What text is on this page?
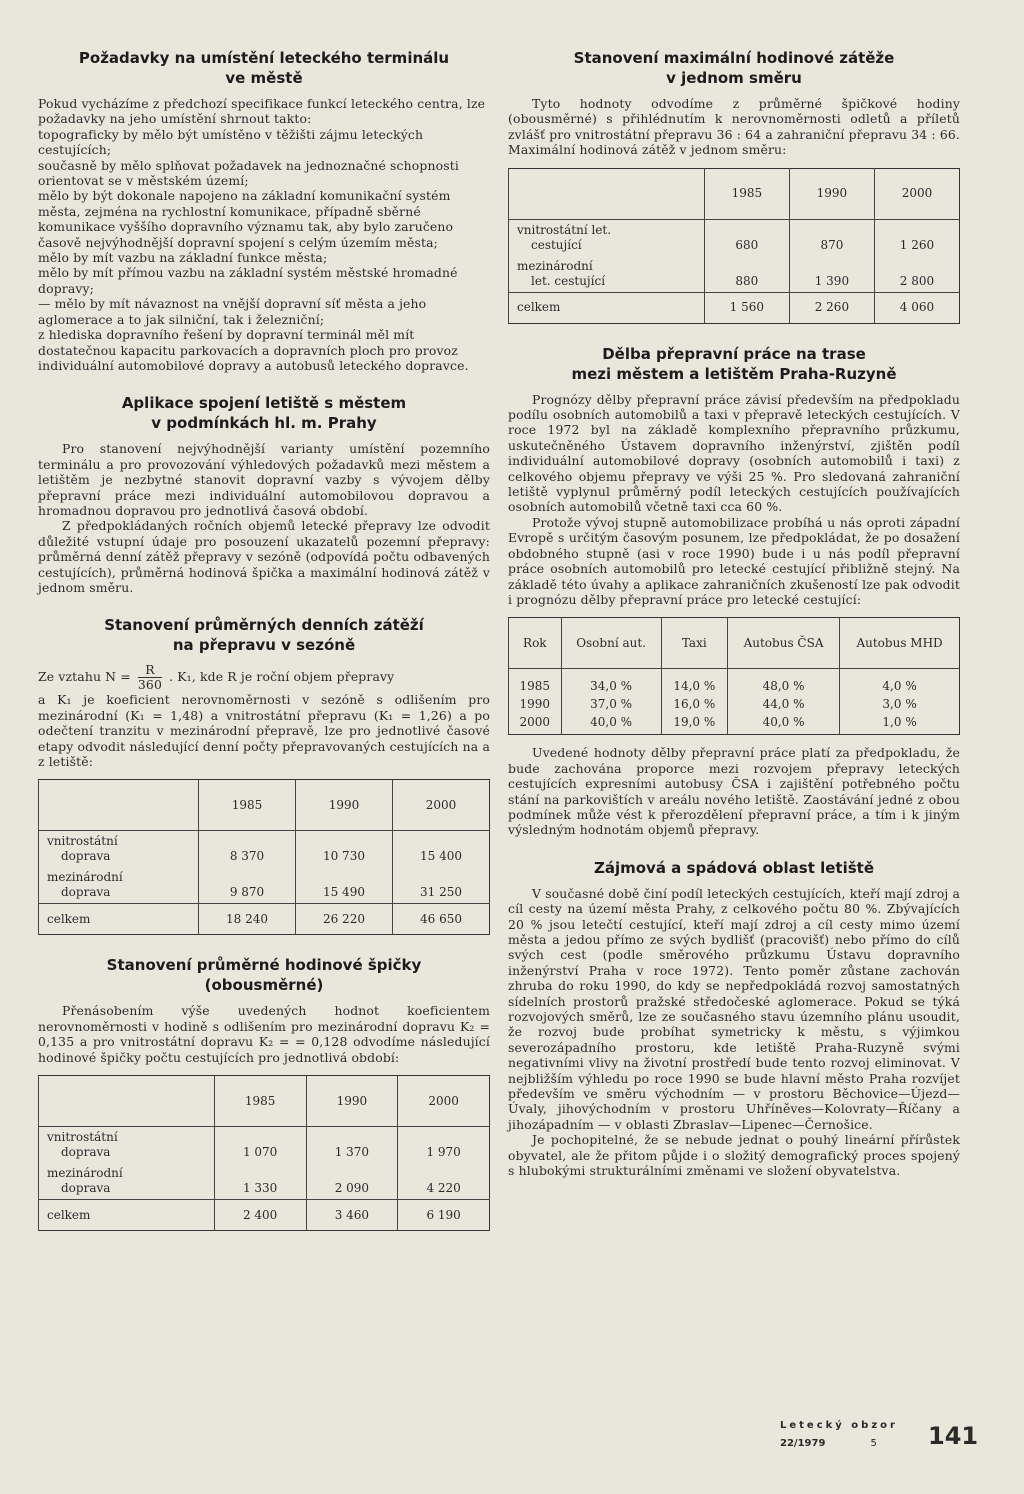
Požadavky na umístění leteckého terminálu
ve městě

Pokud vycházíme z předchozí specifikace funkcí leteckého centra, lze požadavky na jeho umístění shrnout takto:

topograficky by mělo být umístěno v těžišti zájmu leteckých cestujících;

současně by mělo splňovat požadavek na jednoznačné schopnosti orientovat se v městském území;

mělo by být dokonale napojeno na základní komunikační systém města, zejména na rychlostní komunikace, případně sběrné komunikace vyššího dopravního významu tak, aby bylo zaručeno časově nejvýhodnější dopravní spojení s celým územím města;

mělo by mít vazbu na základní funkce města;

mělo by mít přímou vazbu na základní systém městské hromadné dopravy;

— mělo by mít návaznost na vnější dopravní síť města a jeho aglomerace a to jak silniční, tak i železniční;

z hlediska dopravního řešení by dopravní terminál měl mít dostatečnou kapacitu parkovacích a dopravních ploch pro provoz individuální automobilové dopravy a autobusů leteckého dopravce.

Aplikace spojení letiště s městem
v podmínkách hl. m. Prahy

Pro stanovení nejvýhodnější varianty umístění pozemního terminálu a pro provozování výhledových požadavků mezi městem a letištěm je nezbytné stanovit dopravní vazby s vývojem dělby přepravní práce mezi individuální automobilovou dopravou a hromadnou dopravou pro jednotlivá časová období.

Z předpokládaných ročních objemů letecké přepravy lze odvodit důležité vstupní údaje pro posouzení ukazatelů pozemní přepravy: průměrná denní zátěž přepravy v sezóně (odpovídá počtu odbavených cestujících), průměrná hodinová špička a maximální hodinová zátěž v jednom směru.

Stanovení průměrných denních zátěží
na přepravu v sezóně

Ze vztahu $N = \frac{R}{360}$ . K₁, kde R je roční objem přepravy

a K₁ je koeficient nerovnoměrnosti v sezóně s odlišením pro mezinárodní (K₁ = 1,48) a vnitrostátní přepravu (K₁ = 1,26) a po odečtení tranzitu v mezinárodní přepravě, lze pro jednotlivé časové etapy odvodit následující denní počty přepravovaných cestujících na a z letiště:

	1985	1990	2000
vnitrostátní
doprava	8 370	10 730	15 400
mezinárodní
doprava	9 870	15 490	31 250
celkem	18 240	26 220	46 650
Stanovení průměrné hodinové špičky
(obousměrné)

Přenásobením výše uvedených hodnot koeficientem nerovnoměrnosti v hodině s odlišením pro mezinárodní dopravu K₂ = 0,135 a pro vnitrostátní dopravu K₂ = = 0,128 odvodíme následující hodinové špičky počtu cestujících pro jednotlivá období:

	1985	1990	2000
vnitrostátní
doprava	1 070	1 370	1 970
mezinárodní
doprava	1 330	2 090	4 220
celkem	2 400	3 460	6 190
Stanovení maximální hodinové zátěže
v jednom směru

Tyto hodnoty odvodíme z průměrné špičkové hodiny (obousměrné) s přihlédnutím k nerovnoměrnosti odletů a příletů zvlášť pro vnitrostátní přepravu 36 : 64 a zahraniční přepravu 34 : 66. Maximální hodinová zátěž v jednom směru:

	1985	1990	2000
vnitrostátní let.
cestující	680	870	1 260
mezinárodní
let. cestující	880	1 390	2 800
celkem	1 560	2 260	4 060
Dělba přepravní práce na trase
mezi městem a letištěm Praha-Ruzyně

Prognózy dělby přepravní práce závisí především na předpokladu podílu osobních automobilů a taxi v přepravě leteckých cestujících. V roce 1972 byl na základě komplexního přepravního průzkumu, uskutečněného Ústavem dopravního inženýrství, zjištěn podíl individuální automobilové dopravy (osobních automobilů i taxi) z celkového objemu přepravy ve výši 25 %. Pro sledovaná zahraniční letiště vyplynul průměrný podíl leteckých cestujících používajících osobních automobilů včetně taxi cca 60 %.

Protože vývoj stupně automobilizace probíhá u nás oproti západní Evropě s určitým časovým posunem, lze předpokládat, že po dosažení obdobného stupně (asi v roce 1990) bude i u nás podíl přepravní práce osobních automobilů pro letecké cestující přibližně stejný. Na základě této úvahy a aplikace zahraničních zkušeností lze pak odvodit i prognózu dělby přepravní práce pro letecké cestující:

Rok	Osobní aut.	Taxi	Autobus ČSA	Autobus MHD
1985	34,0 %	14,0 %	48,0 %	4,0 %
1990	37,0 %	16,0 %	44,0 %	3,0 %
2000	40,0 %	19,0 %	40,0 %	1,0 %

Uvedené hodnoty dělby přepravní práce platí za předpokladu, že bude zachována proporce mezi rozvojem přepravy leteckých cestujících expresními autobusy ČSA i zajištění potřebného počtu stání na parkovištích v areálu nového letiště. Zaostávání jedné z obou podmínek může vést k přerozdělení přepravní práce, a tím i k jiným výsledným hodnotám objemů přepravy.

Zájmová a spádová oblast letiště

V současné době činí podíl leteckých cestujících, kteří mají zdroj a cíl cesty na území města Prahy, z celkového počtu 80 %. Zbývajících 20 % jsou letečtí cestující, kteří mají zdroj a cíl cesty mimo území města a jedou přímo ze svých bydlišť (pracovišť) nebo přímo do cílů svých cest (podle směrového průzkumu Ústavu dopravního inženýrství Praha v roce 1972). Tento poměr zůstane zachován zhruba do roku 1990, do kdy se nepředpokládá rozvoj samostatných sídelních prostorů pražské středočeské aglomerace. Pokud se týká rozvojových směrů, lze ze současného stavu územního plánu usoudit, že rozvoj bude probíhat symetricky k městu, s výjimkou severozápadního prostoru, kde letiště Praha-Ruzyně svými negativními vlivy na životní prostředí bude tento rozvoj eliminovat. V nejbližším výhledu po roce 1990 se bude hlavní město Praha rozvíjet především ve směru východním — v prostoru Běchovice—Újezd—Úvaly, jihovýchodním v prostoru Uhříněves—Kolovraty—Říčany a jihozápadním — v oblasti Zbraslav—Lipenec—Černošice.

Je pochopitelné, že se nebude jednat o pouhý lineární přírůstek obyvatel, ale že přitom půjde i o složitý demografický proces spojený s hlubokými strukturálními změnami ve složení obyvatelstva.

Letecký obzor
22/1979	5	141
